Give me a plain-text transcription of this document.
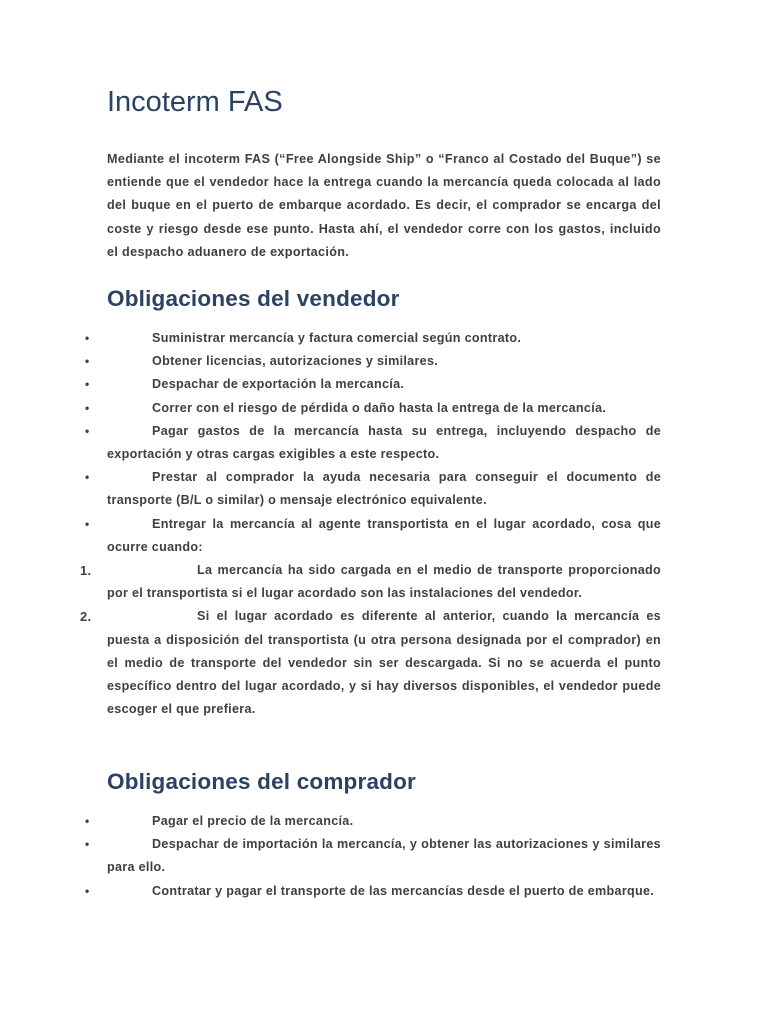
Incoterm FAS

Mediante el incoterm FAS (“Free Alongside Ship” o “Franco al Costado del Buque”) se entiende que el vendedor hace la entrega cuando la mercancía queda colocada al lado del buque en el puerto de embarque acordado. Es decir, el comprador se encarga del coste y riesgo desde ese punto. Hasta ahí, el vendedor corre con los gastos, incluido el despacho aduanero de exportación.

Obligaciones del vendedor
•	Suministrar mercancía y factura comercial según contrato.
•	Obtener licencias, autorizaciones y similares.
•	Despachar de exportación la mercancía.
•	Correr con el riesgo de pérdida o daño hasta la entrega de la mercancía.
•	Pagar gastos de la mercancía hasta su entrega, incluyendo despacho de exportación y otras cargas exigibles a este respecto.
•	Prestar al comprador la ayuda necesaria para conseguir el documento de transporte (B/L o similar) o mensaje electrónico equivalente.
•	Entregar la mercancía al agente transportista en el lugar acordado, cosa que ocurre cuando:
1.	La mercancía ha sido cargada en el medio de transporte proporcionado por el transportista si el lugar acordado son las instalaciones del vendedor.
2.	Si el lugar acordado es diferente al anterior, cuando la mercancía es puesta a disposición del transportista (u otra persona designada por el comprador) en el medio de transporte del vendedor sin ser descargada. Si no se acuerda el punto específico dentro del lugar acordado, y si hay diversos disponibles, el vendedor puede escoger el que prefiera.
Obligaciones del comprador
•	Pagar el precio de la mercancía.
•	Despachar de importación la mercancía, y obtener las autorizaciones y similares para ello.
•	Contratar y pagar el transporte de las mercancías desde el puerto de embarque.
